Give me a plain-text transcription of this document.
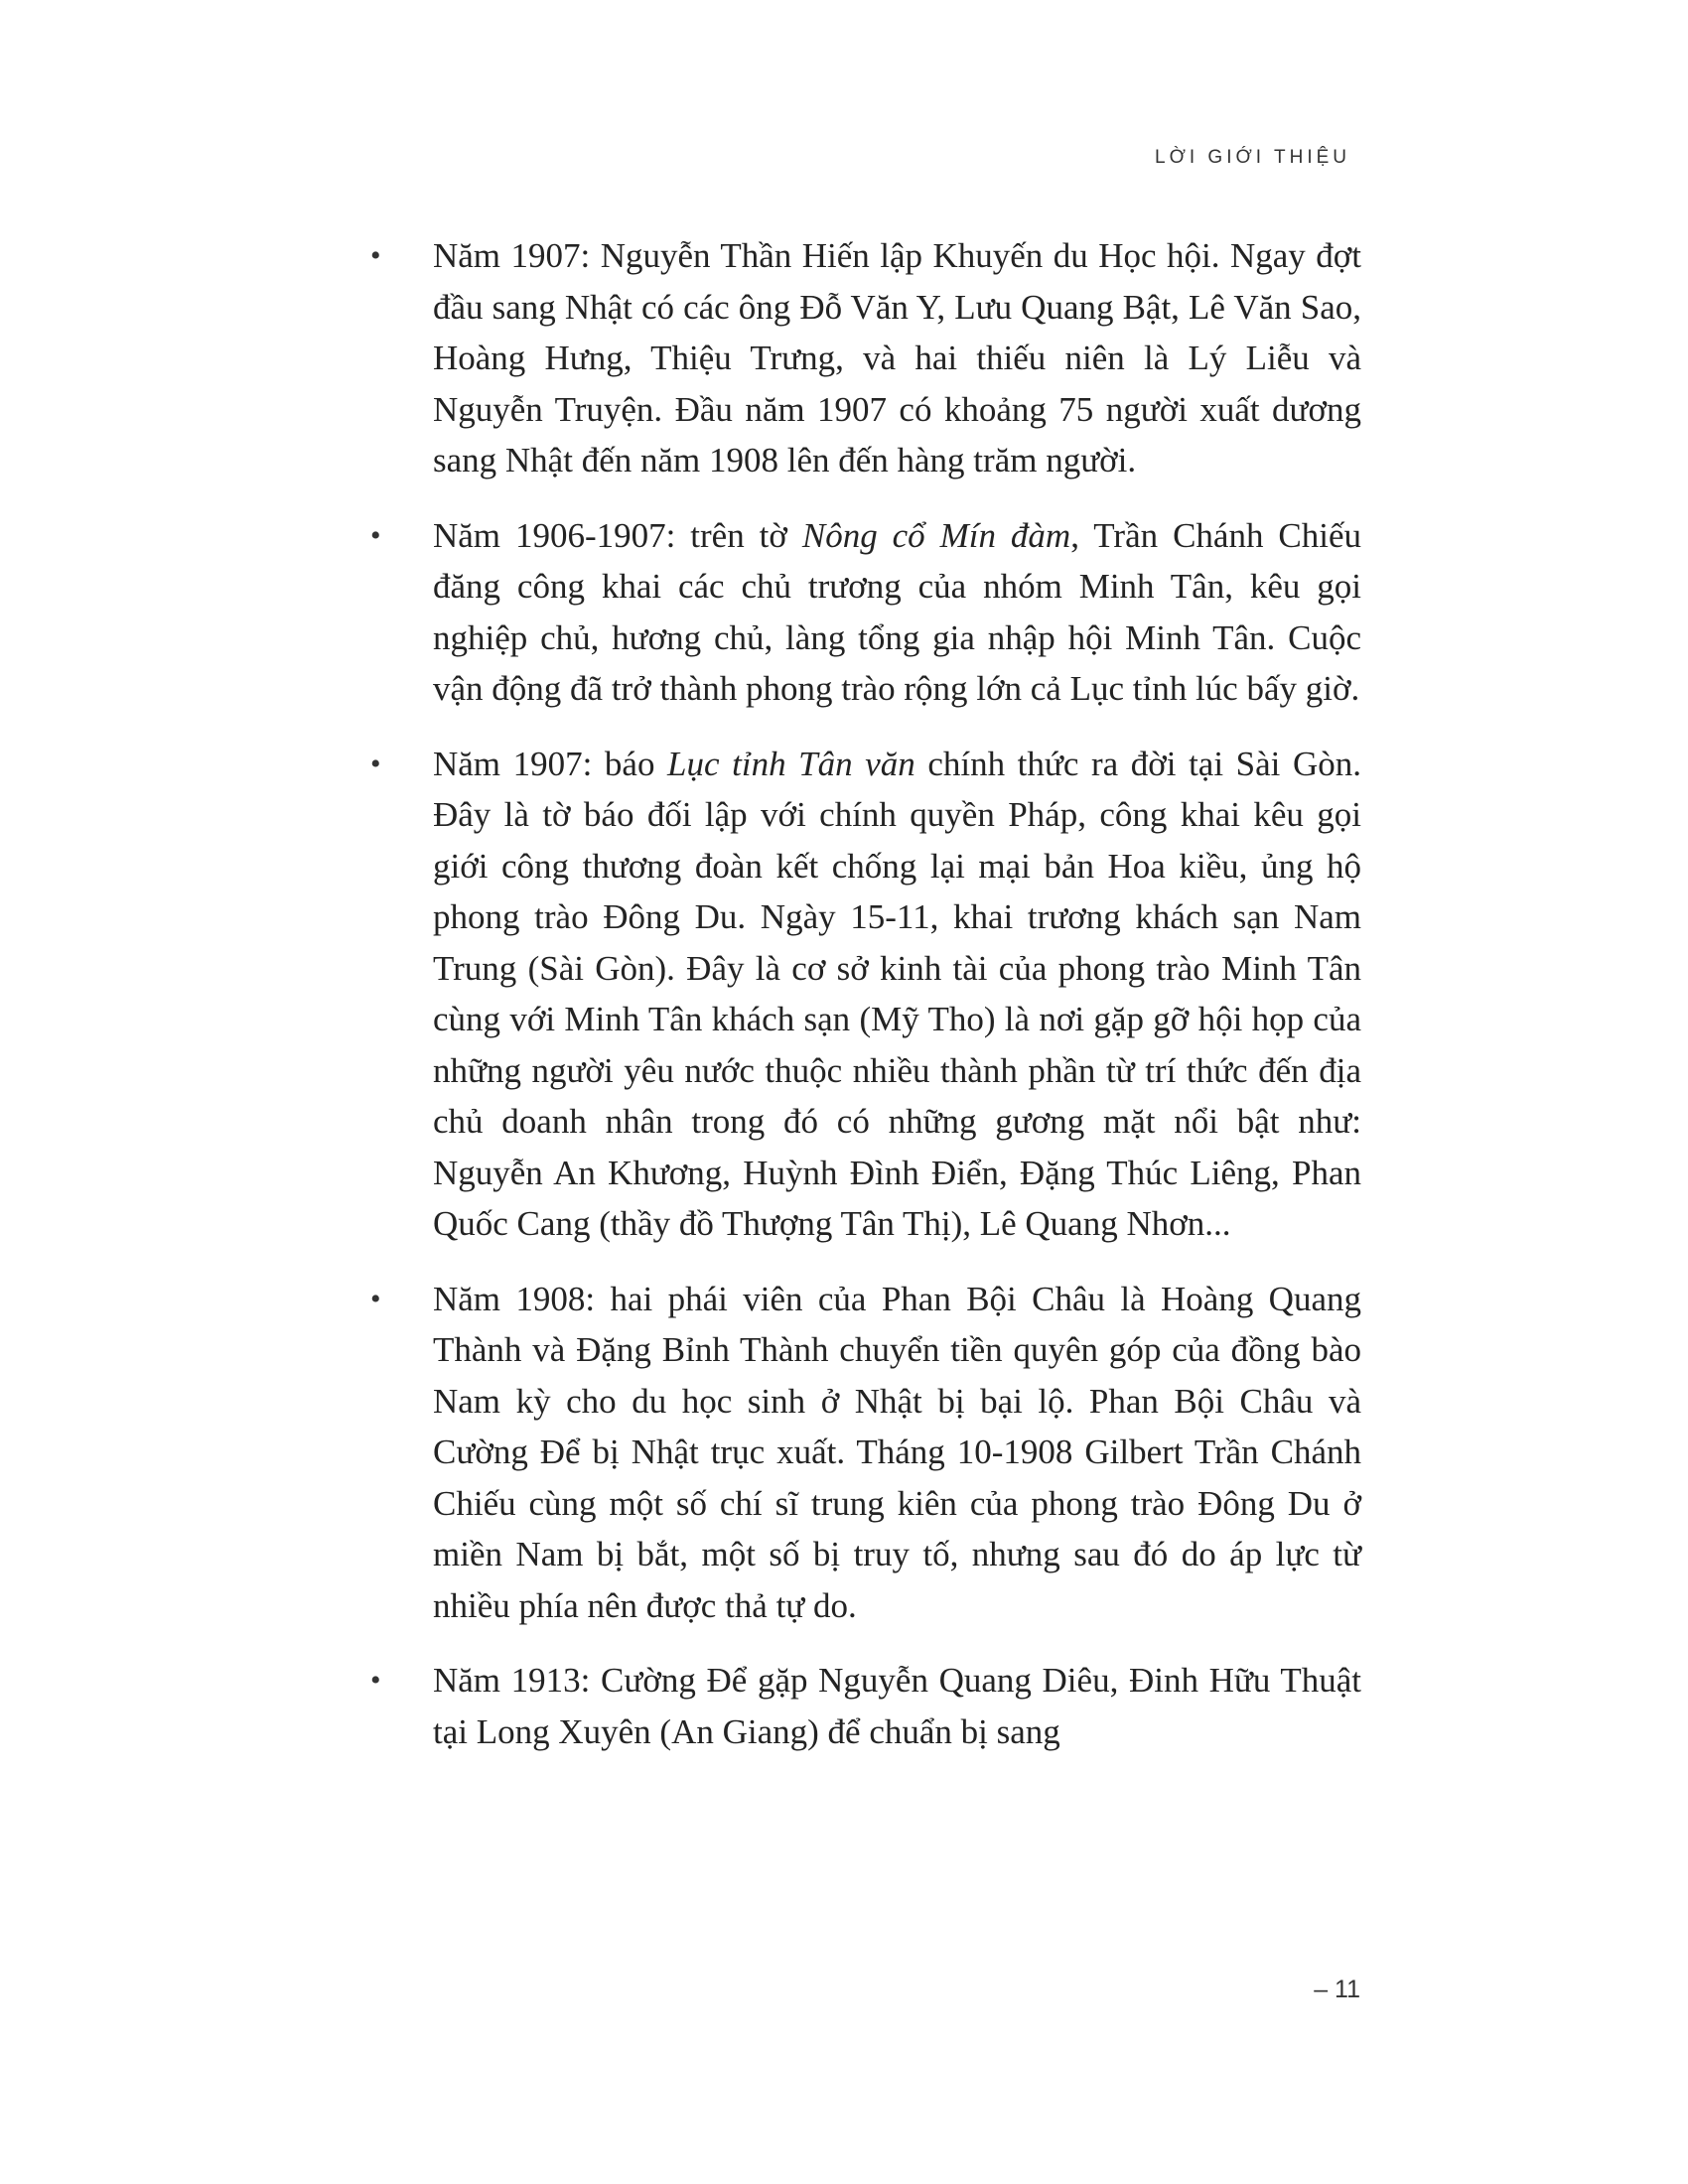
LỜI GIỚI THIỆU
• Năm 1907: Nguyễn Thần Hiến lập Khuyến du Học hội. Ngay đợt đầu sang Nhật có các ông Đỗ Văn Y, Lưu Quang Bật, Lê Văn Sao, Hoàng Hưng, Thiệu Trưng, và hai thiếu niên là Lý Liễu và Nguyễn Truyện. Đầu năm 1907 có khoảng 75 người xuất dương sang Nhật đến năm 1908 lên đến hàng trăm người.
• Năm 1906-1907: trên tờ Nông cổ Mín đàm, Trần Chánh Chiếu đăng công khai các chủ trương của nhóm Minh Tân, kêu gọi nghiệp chủ, hương chủ, làng tổng gia nhập hội Minh Tân. Cuộc vận động đã trở thành phong trào rộng lớn cả Lục tỉnh lúc bấy giờ.
• Năm 1907: báo Lục tỉnh Tân văn chính thức ra đời tại Sài Gòn. Đây là tờ báo đối lập với chính quyền Pháp, công khai kêu gọi giới công thương đoàn kết chống lại mại bản Hoa kiều, ủng hộ phong trào Đông Du. Ngày 15-11, khai trương khách sạn Nam Trung (Sài Gòn). Đây là cơ sở kinh tài của phong trào Minh Tân cùng với Minh Tân khách sạn (Mỹ Tho) là nơi gặp gỡ hội họp của những người yêu nước thuộc nhiều thành phần từ trí thức đến địa chủ doanh nhân trong đó có những gương mặt nổi bật như: Nguyễn An Khương, Huỳnh Đình Điển, Đặng Thúc Liêng, Phan Quốc Cang (thầy đồ Thượng Tân Thị), Lê Quang Nhơn...
• Năm 1908: hai phái viên của Phan Bội Châu là Hoàng Quang Thành và Đặng Bỉnh Thành chuyển tiền quyên góp của đồng bào Nam kỳ cho du học sinh ở Nhật bị bại lộ. Phan Bội Châu và Cường Để bị Nhật trục xuất. Tháng 10-1908 Gilbert Trần Chánh Chiếu cùng một số chí sĩ trung kiên của phong trào Đông Du ở miền Nam bị bắt, một số bị truy tố, nhưng sau đó do áp lực từ nhiều phía nên được thả tự do.
• Năm 1913: Cường Để gặp Nguyễn Quang Diêu, Đinh Hữu Thuật tại Long Xuyên (An Giang) để chuẩn bị sang
– 11
